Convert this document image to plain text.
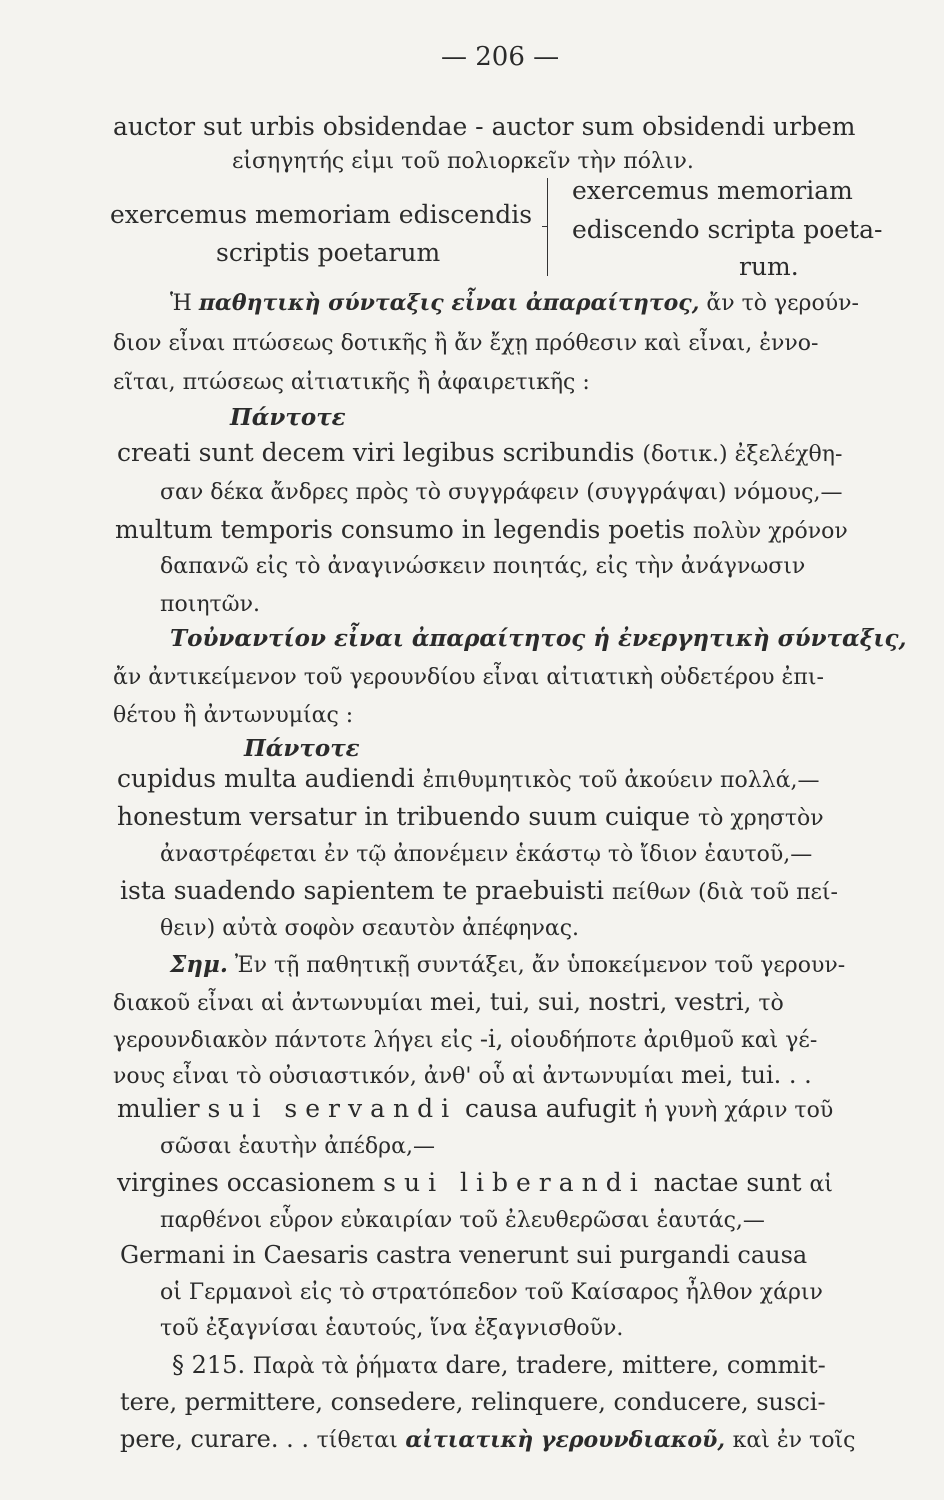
— 206 —
auctor sut urbis obsidendae - auctor sum obsidendi urbem
εἰσηγητής εἰμι τοῦ πολιορκεῖν τὴν πόλιν.
exercemus memoriam ediscendis
scriptis poetarum
exercemus memoriam
ediscendo scripta poeta-
rum.
Ἡ παθητικὴ σύνταξις εἶναι ἀπαραίτητος, ἄν τὸ γερούν-
διον εἶναι πτώσεως δοτικῆς ἢ ἄν ἔχῃ πρόθεσιν καὶ εἶναι, ἐννο-
εῖται, πτώσεως αἰτιατικῆς ἢ ἀφαιρετικῆς :
Πάντοτε
creati sunt decem viri legibus scribundis (δοτικ.) ἐξελέχθη-
σαν δέκα ἄνδρες πρὸς τὸ συγγράφειν (συγγράψαι) νόμους,—
multum temporis consumo in legendis poetis πολὺν χρόνον
δαπανῶ εἰς τὸ ἀναγινώσκειν ποιητάς, εἰς τὴν ἀνάγνωσιν
ποιητῶν.
Τοὐναντίον εἶναι ἀπαραίτητος ἡ ἐνεργητικὴ σύνταξις,
ἄν ἀντικείμενον τοῦ γερουνδίου εἶναι αἰτιατικὴ οὐδετέρου ἐπι-
θέτου ἢ ἀντωνυμίας :
Πάντοτε
cupidus multa audiendi ἐπιθυμητικὸς τοῦ ἀκούειν πολλά,—
honestum versatur in tribuendo suum cuique τὸ χρηστὸν
ἀναστρέφεται ἐν τῷ ἀπονέμειν ἑκάστῳ τὸ ἴδιον ἑαυτοῦ,—
ista suadendo sapientem te praebuisti πείθων (διὰ τοῦ πεί-
θειν) αὐτὰ σοφὸν σεαυτὸν ἀπέφηνας.
Σημ. Ἐν τῇ παθητικῇ συντάξει, ἄν ὑποκείμενον τοῦ γερουν-
διακοῦ εἶναι αἱ ἀντωνυμίαι mei, tui, sui, nostri, vestri, τὸ
γερουνδιακὸν πάντοτε λήγει εἰς -i, οἱουδήποτε ἀριθμοῦ καὶ γέ-
νους εἶναι τὸ οὐσιαστικόν, ἀνθ' οὗ αἱ ἀντωνυμίαι mei, tui. . .
mulier sui servandi causa aufugit ἡ γυνὴ χάριν τοῦ
σῶσαι ἑαυτὴν ἀπέδρα,—
virgines occasionem sui liberandi nactae sunt αἱ
παρθένοι εὗρον εὐκαιρίαν τοῦ ἐλευθερῶσαι ἑαυτάς,—
Germani in Caesaris castra venerunt sui purgandi causa
οἱ Γερμανοὶ εἰς τὸ στρατόπεδον τοῦ Καίσαρος ἦλθον χάριν
τοῦ ἐξαγνίσαι ἑαυτούς, ἵνα ἐξαγνισθοῦν.
§ 215. Παρὰ τὰ ῥήματα dare, tradere, mittere, commit-
tere, permittere, consedere, relinquere, conducere, susci-
pere, curare. . . τίθεται αἰτιατικὴ γερουνδιακοῦ, καὶ ἐν τοῖς
